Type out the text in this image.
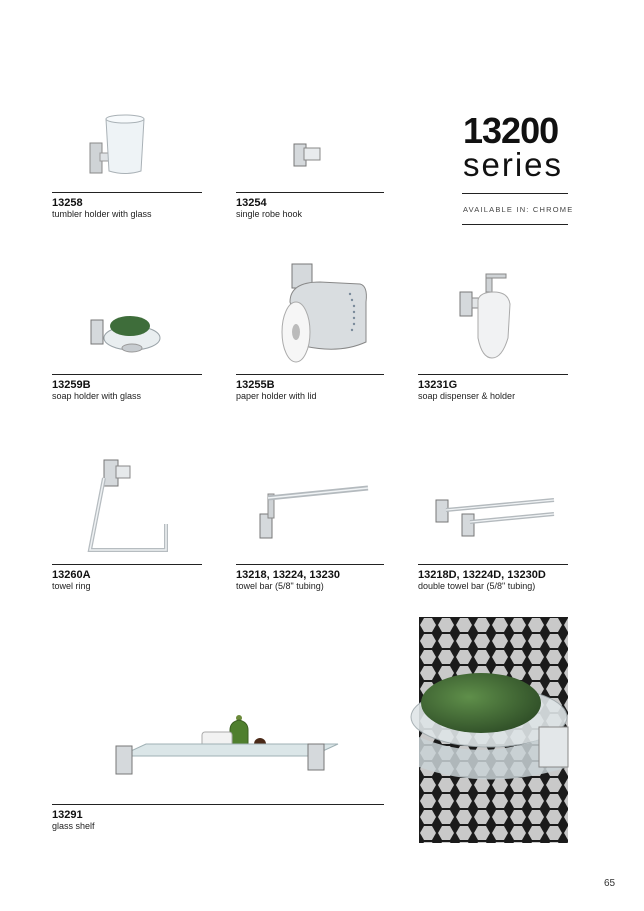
13200
series
AVAILABLE IN: CHROME
13258
tumbler holder with glass
13254
single robe hook
13259B
soap holder with glass
13255B
paper holder with lid
13231G
soap dispenser & holder
13260A
towel ring
13218, 13224, 13230
towel bar (5/8" tubing)
13218D, 13224D, 13230D
double towel bar (5/8" tubing)
13291
glass shelf
65
